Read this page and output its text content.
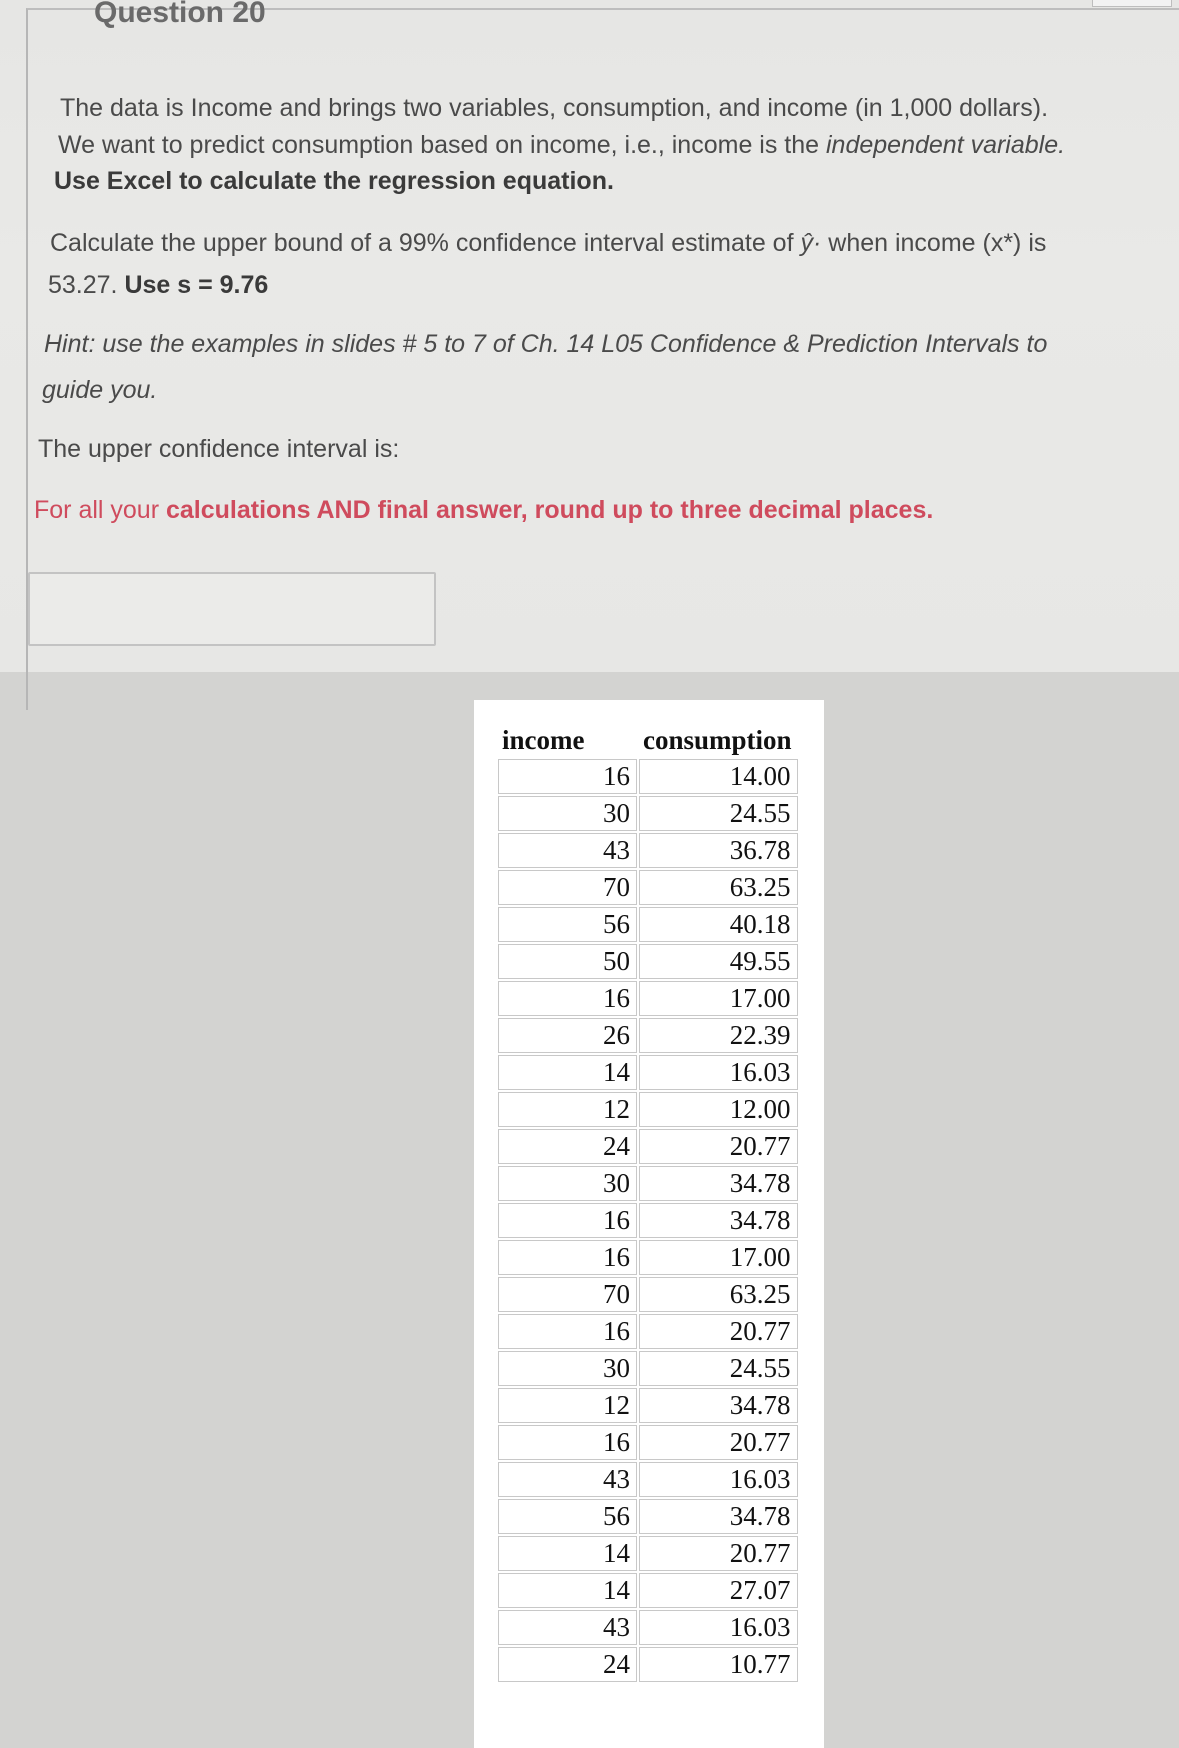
Question 20
The data is Income and brings two variables, consumption, and income (in 1,000 dollars).
We want to predict consumption based on income, i.e., income is the independent variable.
Use Excel to calculate the regression equation.
Calculate the upper bound of a 99% confidence interval estimate of ŷ· when income (x*) is
53.27. Use s = 9.76
Hint: use the examples in slides # 5 to 7 of Ch. 14 L05 Confidence & Prediction Intervals to
guide you.
The upper confidence interval is:
For all your calculations AND final answer, round up to three decimal places.
income	consumption
16	14.00
30	24.55
43	36.78
70	63.25
56	40.18
50	49.55
16	17.00
26	22.39
14	16.03
12	12.00
24	20.77
30	34.78
16	34.78
16	17.00
70	63.25
16	20.77
30	24.55
12	34.78
16	20.77
43	16.03
56	34.78
14	20.77
14	27.07
43	16.03
24	10.77
